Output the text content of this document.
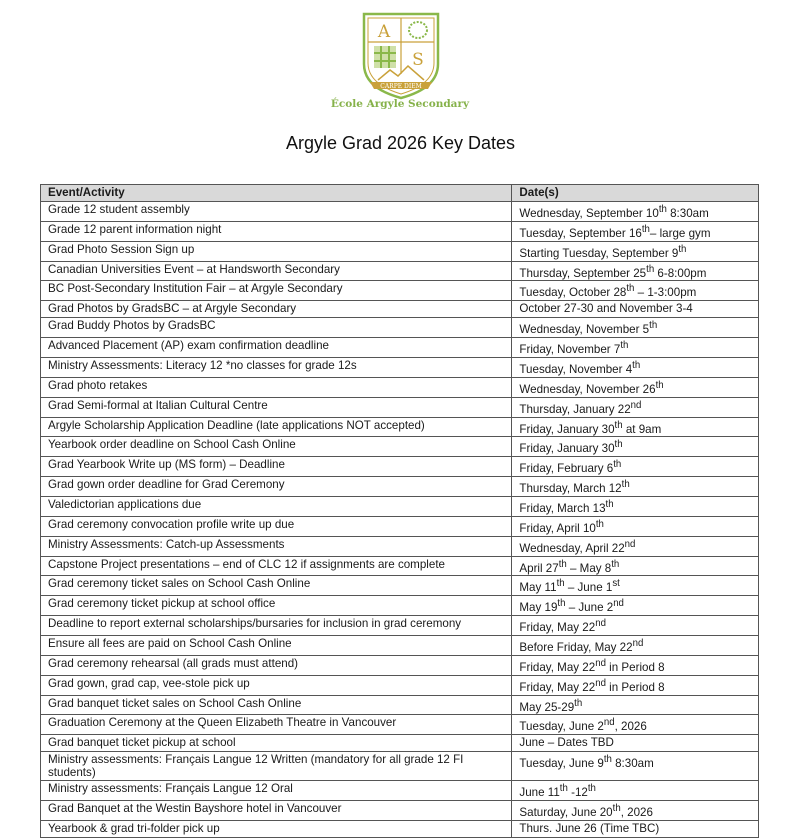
A
S
CARPE DIEM
École Argyle Secondary
Argyle Grad 2026 Key Dates
Event/Activity	Date(s)
Grade 12 student assembly	Wednesday, September 10th 8:30am
Grade 12 parent information night	Tuesday, September 16th– large gym
Grad Photo Session Sign up	Starting Tuesday, September 9th
Canadian Universities Event – at Handsworth Secondary	Thursday, September 25th 6-8:00pm
BC Post-Secondary Institution Fair – at Argyle Secondary	Tuesday, October 28th – 1-3:00pm
Grad Photos by GradsBC – at Argyle Secondary	October 27-30 and November 3-4
Grad Buddy Photos by GradsBC	Wednesday, November 5th
Advanced Placement (AP) exam confirmation deadline	Friday, November 7th
Ministry Assessments: Literacy 12 *no classes for grade 12s	Tuesday, November 4th
Grad photo retakes	Wednesday, November 26th
Grad Semi-formal at Italian Cultural Centre	Thursday, January 22nd
Argyle Scholarship Application Deadline (late applications NOT accepted)	Friday, January 30th at 9am
Yearbook order deadline on School Cash Online	Friday, January 30th
Grad Yearbook Write up (MS form) – Deadline	Friday, February 6th
Grad gown order deadline for Grad Ceremony	Thursday, March 12th
Valedictorian applications due	Friday, March 13th
Grad ceremony convocation profile write up due	Friday, April 10th
Ministry Assessments: Catch-up Assessments	Wednesday, April 22nd
Capstone Project presentations – end of CLC 12 if assignments are complete	April 27th – May 8th
Grad ceremony ticket sales on School Cash Online	May 11th – June 1st
Grad ceremony ticket pickup at school office	May 19th – June 2nd
Deadline to report external scholarships/bursaries for inclusion in grad ceremony	Friday, May 22nd
Ensure all fees are paid on School Cash Online	Before Friday, May 22nd
Grad ceremony rehearsal (all grads must attend)	Friday, May 22nd in Period 8
Grad gown, grad cap, vee-stole pick up	Friday, May 22nd in Period 8
Grad banquet ticket sales on School Cash Online	May 25-29th
Graduation Ceremony at the Queen Elizabeth Theatre in Vancouver	Tuesday, June 2nd, 2026
Grad banquet ticket pickup at school	June – Dates TBD
Ministry assessments: Français Langue 12 Written (mandatory for all grade 12 FI students)	Tuesday, June 9th 8:30am
Ministry assessments: Français Langue 12 Oral	June 11th -12th
Grad Banquet at the Westin Bayshore hotel in Vancouver	Saturday, June 20th, 2026
Yearbook & grad tri-folder pick up	Thurs. June 26 (Time TBC)
